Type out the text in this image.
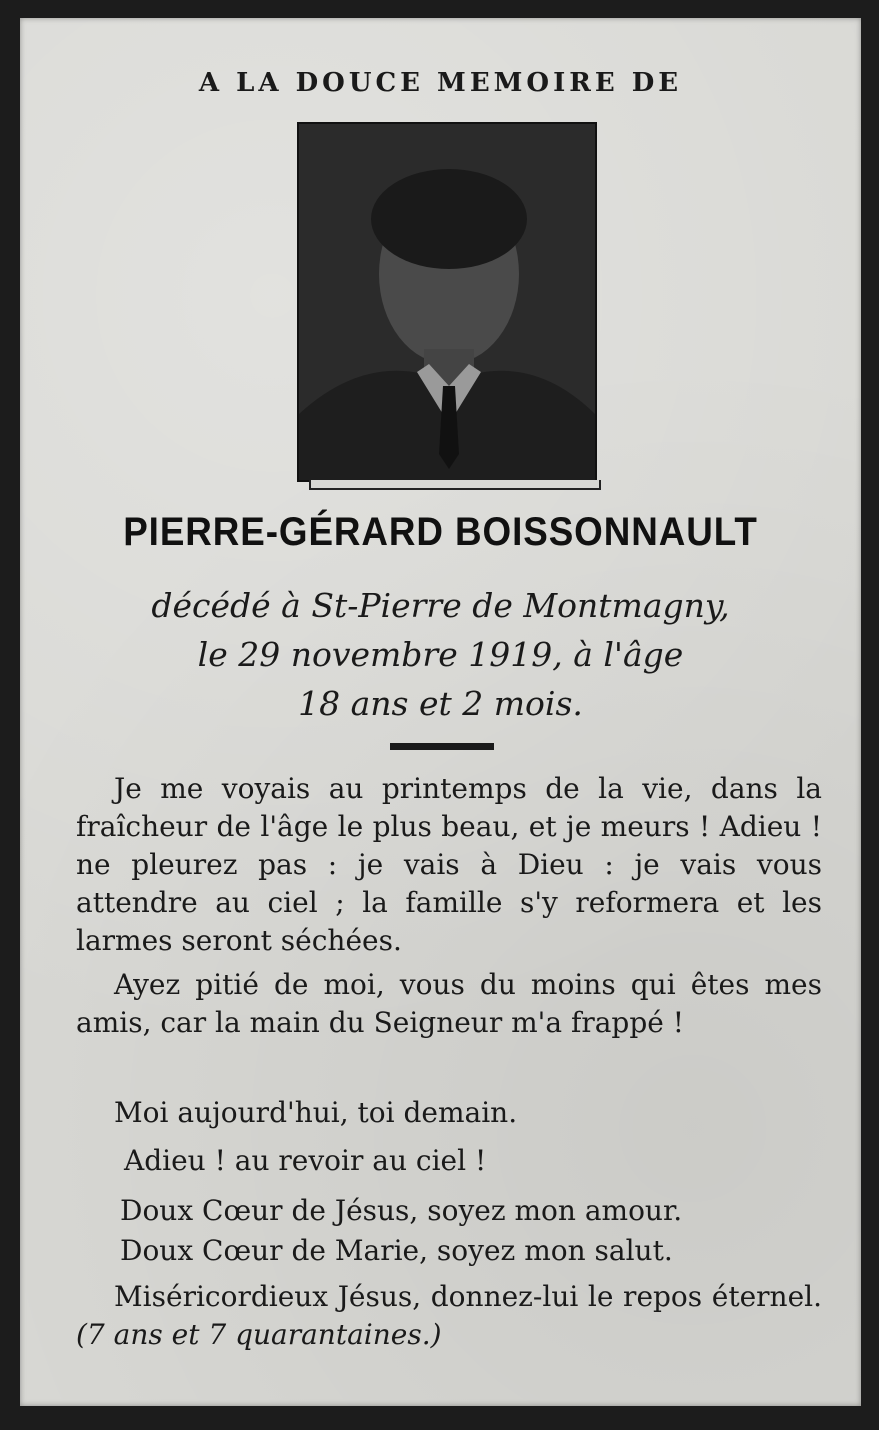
A LA DOUCE MEMOIRE DE
PIERRE-GÉRARD BOISSONNAULT
décédé à St-Pierre de Montmagny,
le 29 novembre 1919, à l'âge
18 ans et 2 mois.
Je me voyais au printemps de la vie, dans la fraîcheur de l'âge le plus beau, et je meurs ! Adieu ! ne pleurez pas : je vais à Dieu : je vais vous attendre au ciel ; la famille s'y reformera et les larmes seront séchées.
Ayez pitié de moi, vous du moins qui êtes mes amis, car la main du Seigneur m'a frappé !
Moi aujourd'hui, toi demain.
Adieu ! au revoir au ciel !
Doux Cœur de Jésus, soyez mon amour.
Doux Cœur de Marie, soyez mon salut.
Miséricordieux Jésus, donnez-lui le repos éternel. (7 ans et 7 quarantaines.)
